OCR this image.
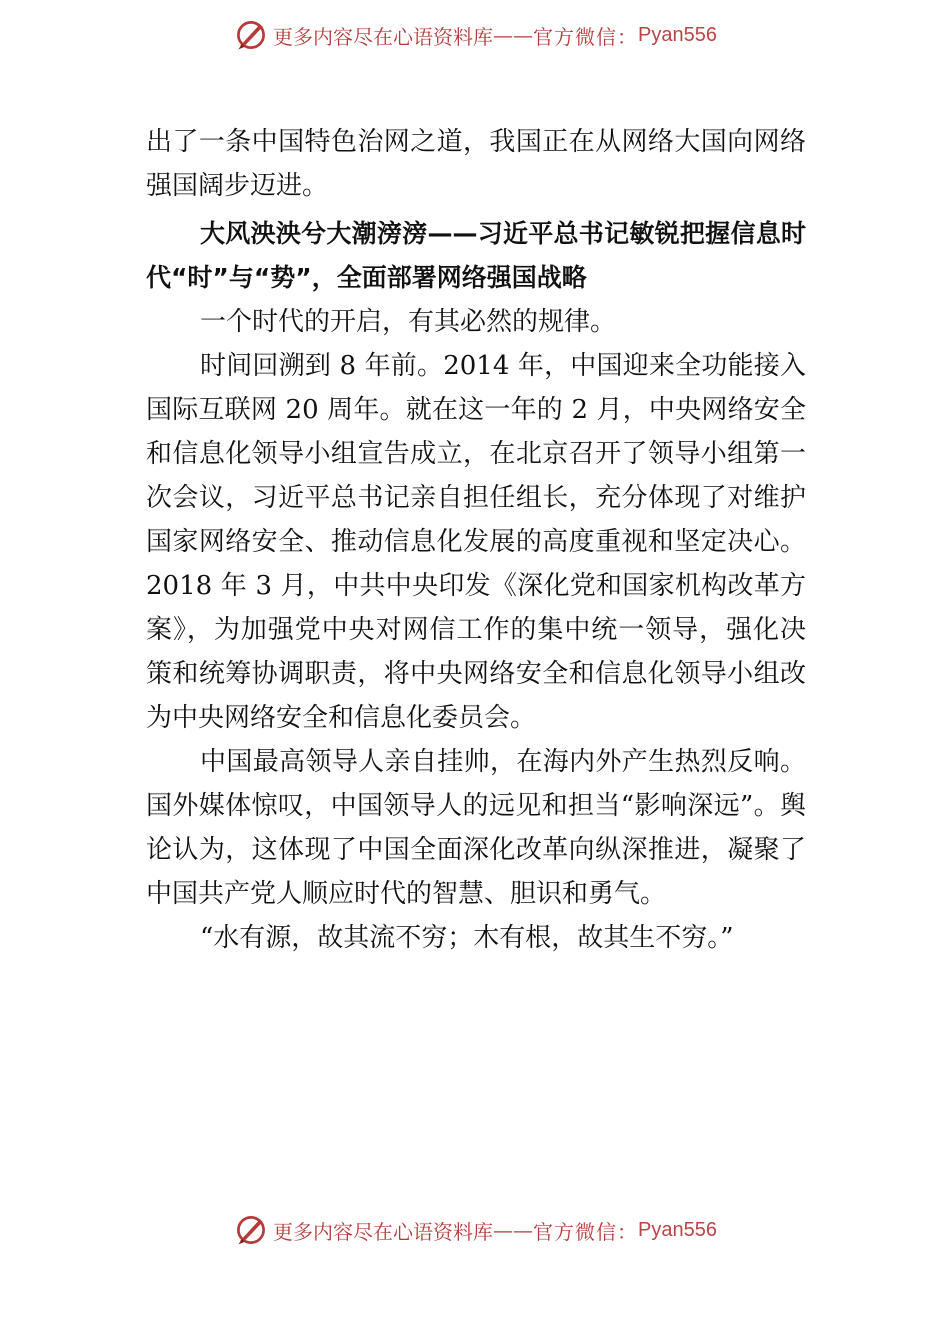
更多内容尽在心语资料库 —— 官方微信： Pyan556

出了一条中国特色治网之道，我国正在从网络大国向网络强国阔步迈进。

大风泱泱兮大潮滂滂——习近平总书记敏锐把握信息时代“时”与“势”，全面部署网络强国战略

一个时代的开启，有其必然的规律。

时间回溯到 8 年前。2014 年，中国迎来全功能接入国际互联网 20 周年。就在这一年的 2 月，中央网络安全和信息化领导小组宣告成立，在北京召开了领导小组第一次会议，习近平总书记亲自担任组长，充分体现了对维护国家网络安全、推动信息化发展的高度重视和坚定决心。2018 年 3 月，中共中央印发《深化党和国家机构改革方案》，为加强党中央对网信工作的集中统一领导，强化决策和统筹协调职责，将中央网络安全和信息化领导小组改为中央网络安全和信息化委员会。

中国最高领导人亲自挂帅，在海内外产生热烈反响。国外媒体惊叹，中国领导人的远见和担当“影响深远”。舆论认为，这体现了中国全面深化改革向纵深推进，凝聚了中国共产党人顺应时代的智慧、胆识和勇气。

“水有源，故其流不穷；木有根，故其生不穷。”

更多内容尽在心语资料库 —— 官方微信： Pyan556
